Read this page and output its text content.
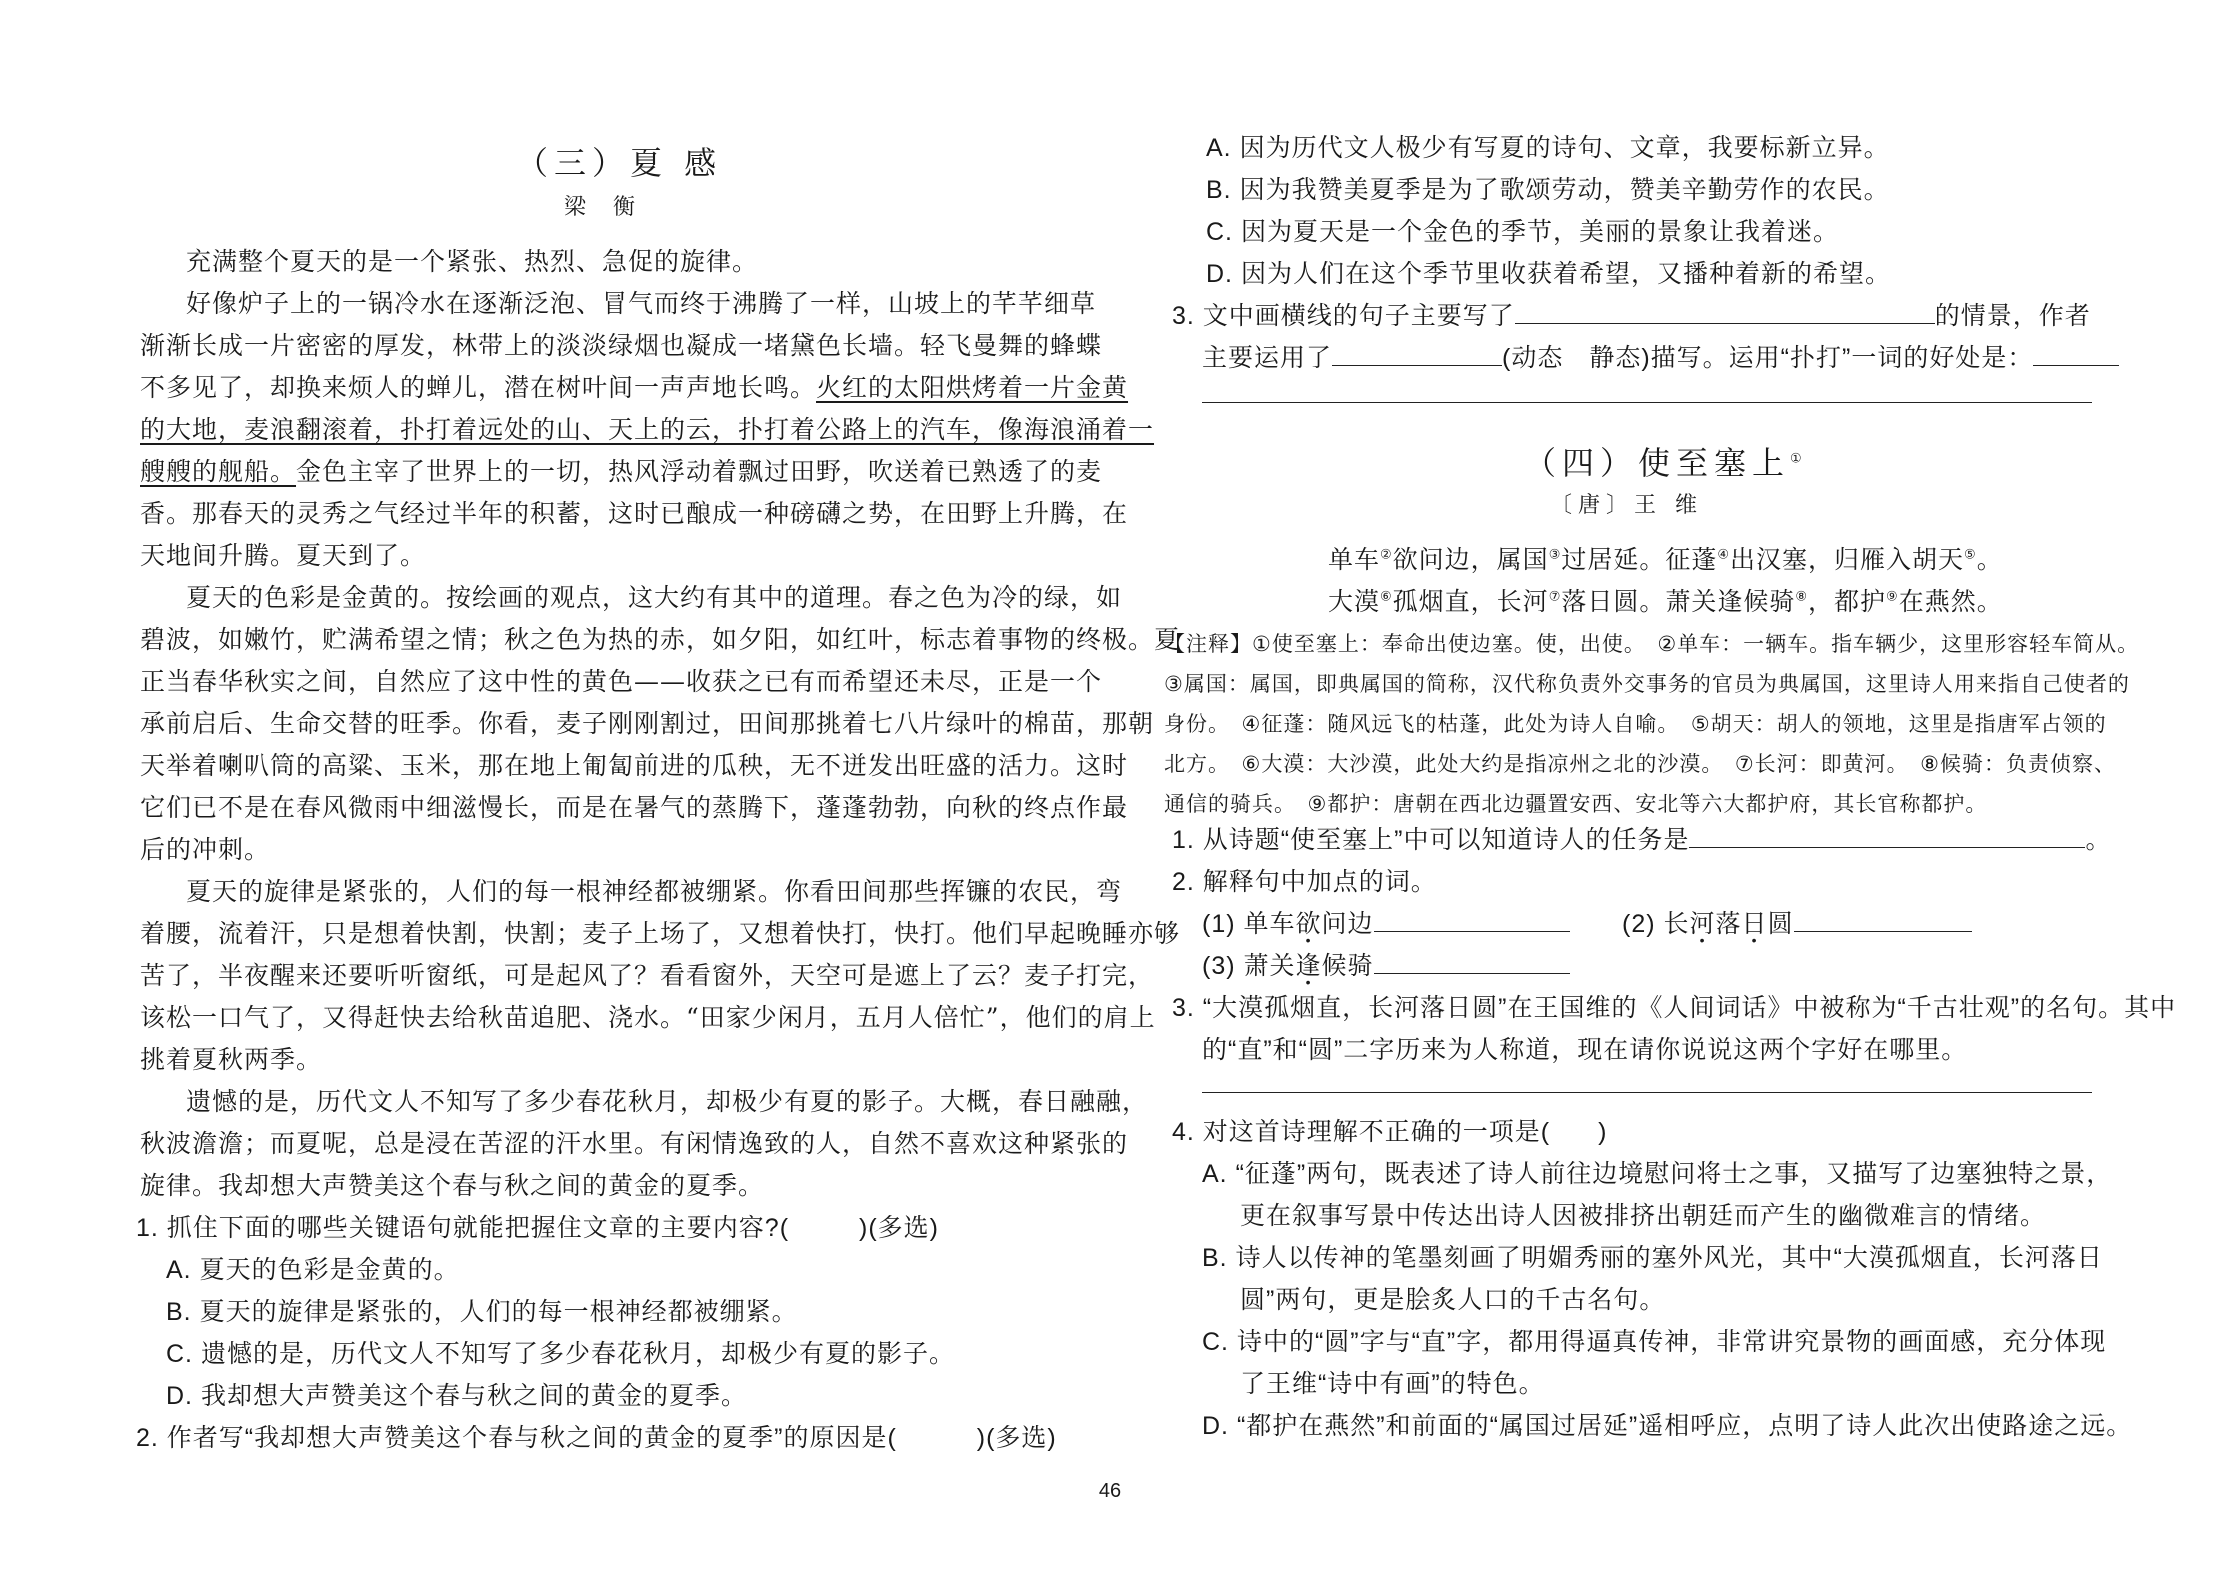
（三）夏 感
梁 衡
充满整个夏天的是一个紧张、热烈、急促的旋律。
好像炉子上的一锅冷水在逐渐泛泡、冒气而终于沸腾了一样，山坡上的芊芊细草
渐渐长成一片密密的厚发，林带上的淡淡绿烟也凝成一堵黛色长墙。轻飞曼舞的蜂蝶
不多见了，却换来烦人的蝉儿，潜在树叶间一声声地长鸣。火红的太阳烘烤着一片金黄
的大地，麦浪翻滚着，扑打着远处的山、天上的云，扑打着公路上的汽车，像海浪涌着一
艘艘的舰船。金色主宰了世界上的一切，热风浮动着飘过田野，吹送着已熟透了的麦
香。那春天的灵秀之气经过半年的积蓄，这时已酿成一种磅礴之势，在田野上升腾，在
天地间升腾。夏天到了。
夏天的色彩是金黄的。按绘画的观点，这大约有其中的道理。春之色为冷的绿，如
碧波，如嫩竹，贮满希望之情；秋之色为热的赤，如夕阳，如红叶，标志着事物的终极。夏
正当春华秋实之间，自然应了这中性的黄色——收获之已有而希望还未尽，正是一个
承前启后、生命交替的旺季。你看，麦子刚刚割过，田间那挑着七八片绿叶的棉苗，那朝
天举着喇叭筒的高粱、玉米，那在地上匍匐前进的瓜秧，无不迸发出旺盛的活力。这时
它们已不是在春风微雨中细滋慢长，而是在暑气的蒸腾下，蓬蓬勃勃，向秋的终点作最
后的冲刺。
夏天的旋律是紧张的，人们的每一根神经都被绷紧。你看田间那些挥镰的农民，弯
着腰，流着汗，只是想着快割，快割；麦子上场了，又想着快打，快打。他们早起晚睡亦够
苦了，半夜醒来还要听听窗纸，可是起风了？看看窗外，天空可是遮上了云？麦子打完，
该松一口气了，又得赶快去给秋苗追肥、浇水。“田家少闲月，五月人倍忙”，他们的肩上
挑着夏秋两季。
遗憾的是，历代文人不知写了多少春花秋月，却极少有夏的影子。大概，春日融融，
秋波澹澹；而夏呢，总是浸在苦涩的汗水里。有闲情逸致的人，自然不喜欢这种紧张的
旋律。我却想大声赞美这个春与秋之间的黄金的夏季。
1. 抓住下面的哪些关键语句就能把握住文章的主要内容?(	)(多选)
A. 夏天的色彩是金黄的。
B. 夏天的旋律是紧张的，人们的每一根神经都被绷紧。
C. 遗憾的是，历代文人不知写了多少春花秋月，却极少有夏的影子。
D. 我却想大声赞美这个春与秋之间的黄金的夏季。
2. 作者写“我却想大声赞美这个春与秋之间的黄金的夏季”的原因是(	)(多选)
A. 因为历代文人极少有写夏的诗句、文章，我要标新立异。
B. 因为我赞美夏季是为了歌颂劳动，赞美辛勤劳作的农民。
C. 因为夏天是一个金色的季节，美丽的景象让我着迷。
D. 因为人们在这个季节里收获着希望，又播种着新的希望。
3. 文中画横线的句子主要写了	的情景，作者
主要运用了	(动态　静态)描写。运用“扑打”一词的好处是：
（四）使至塞上①
〔唐〕王 维
单车②欲问边，属国③过居延。征蓬④出汉塞，归雁入胡天⑤。
大漠⑥孤烟直，长河⑦落日圆。萧关逢候骑⑧，都护⑨在燕然。
【注释】①使至塞上：奉命出使边塞。使，出使。　②单车：一辆车。指车辆少，这里形容轻车简从。
③属国：属国，即典属国的简称，汉代称负责外交事务的官员为典属国，这里诗人用来指自己使者的
身份。　④征蓬：随风远飞的枯蓬，此处为诗人自喻。　⑤胡天：胡人的领地，这里是指唐军占领的
北方。　⑥大漠：大沙漠，此处大约是指凉州之北的沙漠。　⑦长河：即黄河。　⑧候骑：负责侦察、
通信的骑兵。　⑨都护：唐朝在西北边疆置安西、安北等六大都护府，其长官称都护。
1. 从诗题“使至塞上”中可以知道诗人的任务是	。
2. 解释句中加点的词。
(1) 单车欲问边	(2) 长河落日圆
(3) 萧关逢候骑
3. “大漠孤烟直，长河落日圆”在王国维的《人间词话》中被称为“千古壮观”的名句。其中
的“直”和“圆”二字历来为人称道，现在请你说说这两个字好在哪里。
4. 对这首诗理解不正确的一项是( )
A. “征蓬”两句，既表述了诗人前往边境慰问将士之事，又描写了边塞独特之景，
更在叙事写景中传达出诗人因被排挤出朝廷而产生的幽微难言的情绪。
B. 诗人以传神的笔墨刻画了明媚秀丽的塞外风光，其中“大漠孤烟直，长河落日
圆”两句，更是脍炙人口的千古名句。
C. 诗中的“圆”字与“直”字，都用得逼真传神，非常讲究景物的画面感，充分体现
了王维“诗中有画”的特色。
D. “都护在燕然”和前面的“属国过居延”遥相呼应，点明了诗人此次出使路途之远。
46
